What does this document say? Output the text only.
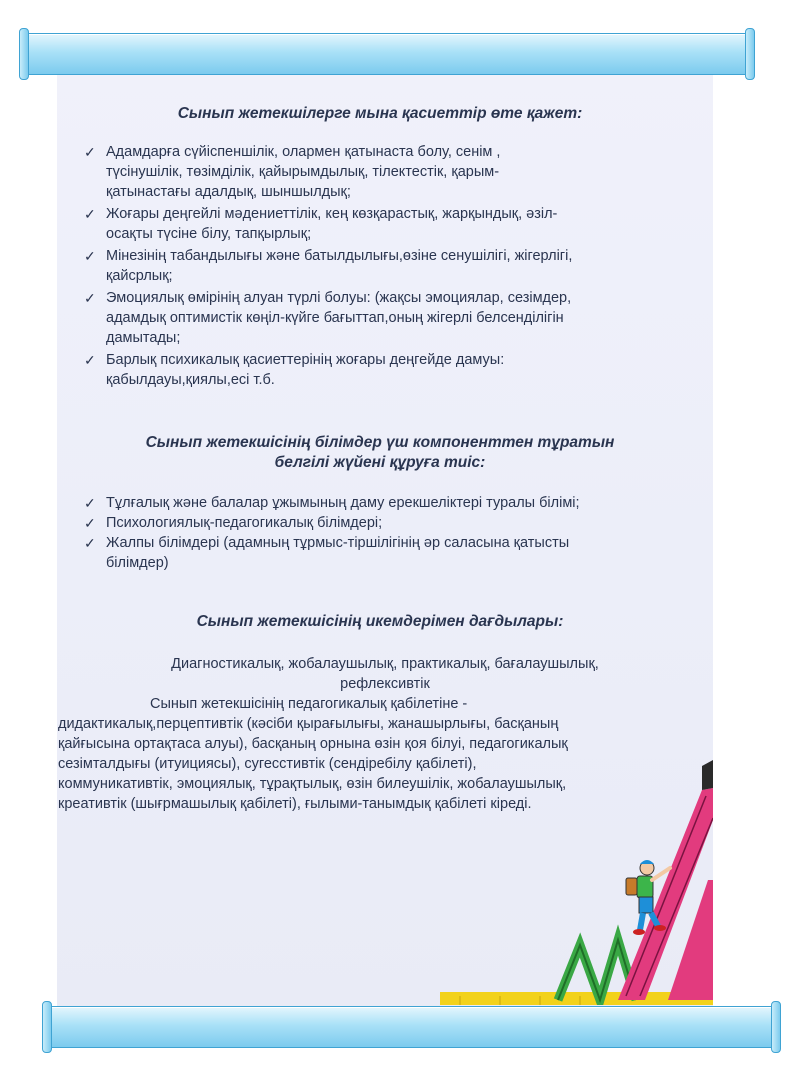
Сынып жетекшілерге мына қасиеттір өте қажет:
✓ Адамдарға сүйіспеншілік, олармен қатынаста болу, сенім ,
түсінушілік, төзімділік, қайырымдылық, тілектестік, қарым-
қатынастағы адалдық, шыншылдық;
✓ Жоғары деңгейлі мәдениеттілік, кең көзқарастық, жарқындық, әзіл-
осақты түсіне білу, тапқырлық;
✓ Мінезінің табандылығы және батылдылығы,өзіне сенушілігі, жігерлігі,
қайсрлық;
✓ Эмоциялық өмірінің алуан түрлі болуы: (жақсы эмоциялар, сезімдер,
адамдық оптимистік көңіл-күйге бағыттап,оның жігерлі белсенділігін
дамытады;
✓ Барлық психикалық қасиеттерінің жоғары деңгейде дамуы:
қабылдауы,қиялы,есі т.б.
Сынып жетекшісінің білімдер үш компоненттен тұратын
белгілі жүйені құруға тиіс:
✓ Тұлғалық және балалар ұжымының даму ерекшеліктері туралы білімі;
✓ Психологиялық-педагогикалық білімдері;
✓ Жалпы білімдері (адамның тұрмыс-тіршілігінің әр саласына қатысты
білімдер)
Сынып жетекшісінің икемдерімен дағдылары:
Диагностикалық, жобалаушылық, практикалық, бағалаушылық,
рефлексивтік
Сынып жетекшісінің педагогикалық қабілетіне -
дидактикалық,перцептивтік (кәсіби қырағылығы, жанашырлығы, басқаның
қайғысына ортақтаса алуы), басқаның орнына өзін қоя білуі, педагогикалық
сезімталдығы (итуициясы), сугесстивтік (сендіребілу қабілеті),
коммуникативтік, эмоциялық, тұрақтылық, өзін билеушілік, жобалаушылық,
креативтік (шығрмашылық қабілеті), ғылыми-танымдық қабілеті кіреді.
